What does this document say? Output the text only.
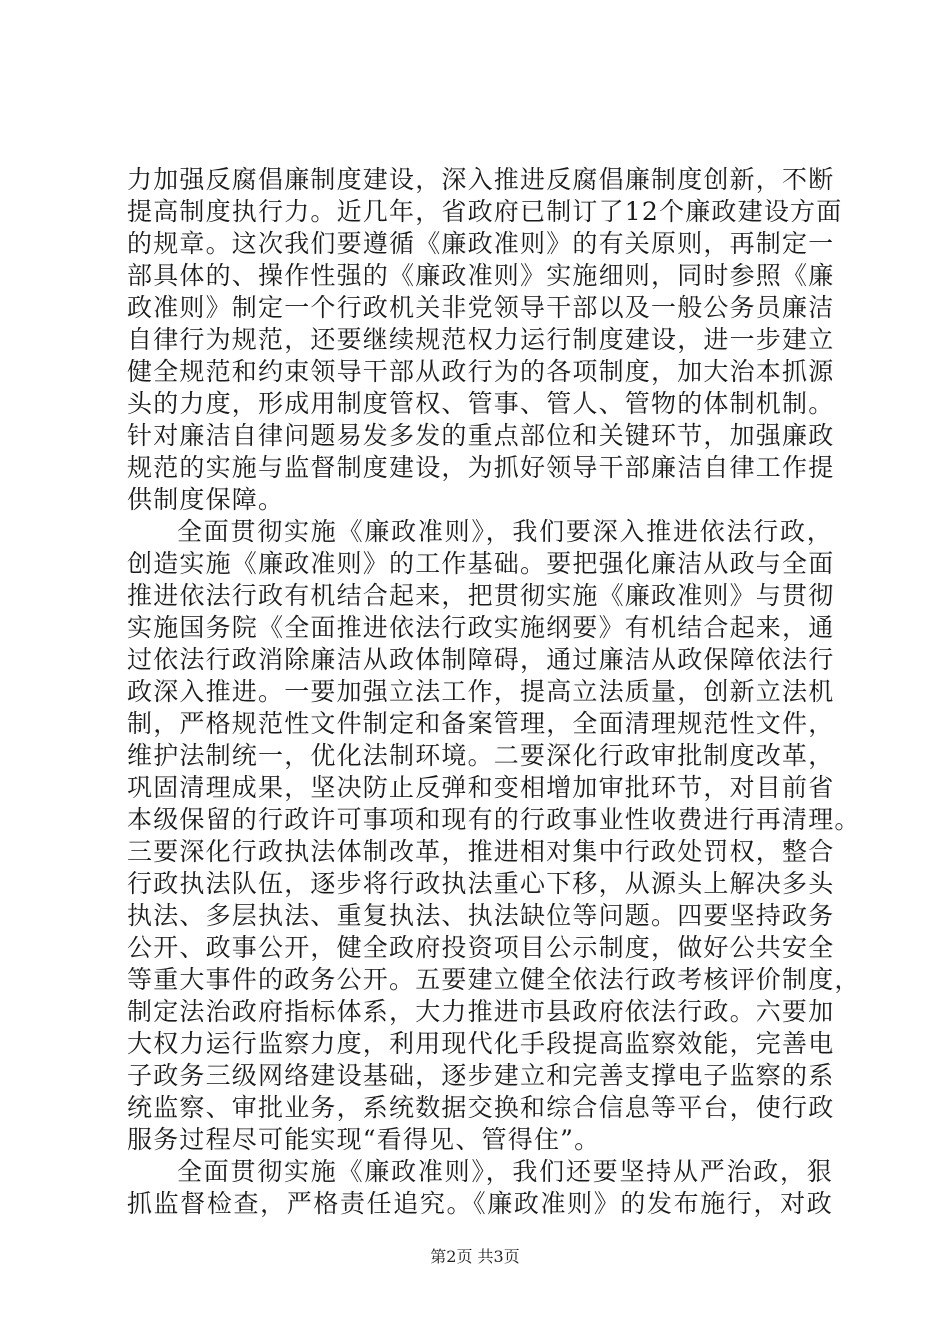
力加强反腐倡廉制度建设，深入推进反腐倡廉制度创新，不断
提高制度执行力。近几年，省政府已制订了12个廉政建设方面
的规章。这次我们要遵循《廉政准则》的有关原则，再制定一
部具体的、操作性强的《廉政准则》实施细则，同时参照《廉
政准则》制定一个行政机关非党领导干部以及一般公务员廉洁
自律行为规范，还要继续规范权力运行制度建设，进一步建立
健全规范和约束领导干部从政行为的各项制度，加大治本抓源
头的力度，形成用制度管权、管事、管人、管物的体制机制。
针对廉洁自律问题易发多发的重点部位和关键环节，加强廉政
规范的实施与监督制度建设，为抓好领导干部廉洁自律工作提
供制度保障。
全面贯彻实施《廉政准则》，我们要深入推进依法行政，
创造实施《廉政准则》的工作基础。要把强化廉洁从政与全面
推进依法行政有机结合起来，把贯彻实施《廉政准则》与贯彻
实施国务院《全面推进依法行政实施纲要》有机结合起来，通
过依法行政消除廉洁从政体制障碍，通过廉洁从政保障依法行
政深入推进。一要加强立法工作，提高立法质量，创新立法机
制，严格规范性文件制定和备案管理，全面清理规范性文件，
维护法制统一，优化法制环境。二要深化行政审批制度改革，
巩固清理成果，坚决防止反弹和变相增加审批环节，对目前省
本级保留的行政许可事项和现有的行政事业性收费进行再清理。
三要深化行政执法体制改革，推进相对集中行政处罚权，整合
行政执法队伍，逐步将行政执法重心下移，从源头上解决多头
执法、多层执法、重复执法、执法缺位等问题。四要坚持政务
公开、政事公开，健全政府投资项目公示制度，做好公共安全
等重大事件的政务公开。五要建立健全依法行政考核评价制度，
制定法治政府指标体系，大力推进市县政府依法行政。六要加
大权力运行监察力度，利用现代化手段提高监察效能，完善电
子政务三级网络建设基础，逐步建立和完善支撑电子监察的系
统监察、审批业务，系统数据交换和综合信息等平台，使行政
服务过程尽可能实现“看得见、管得住”。
全面贯彻实施《廉政准则》，我们还要坚持从严治政，狠
抓监督检查，严格责任追究。《廉政准则》的发布施行，对政
第2页 共3页
